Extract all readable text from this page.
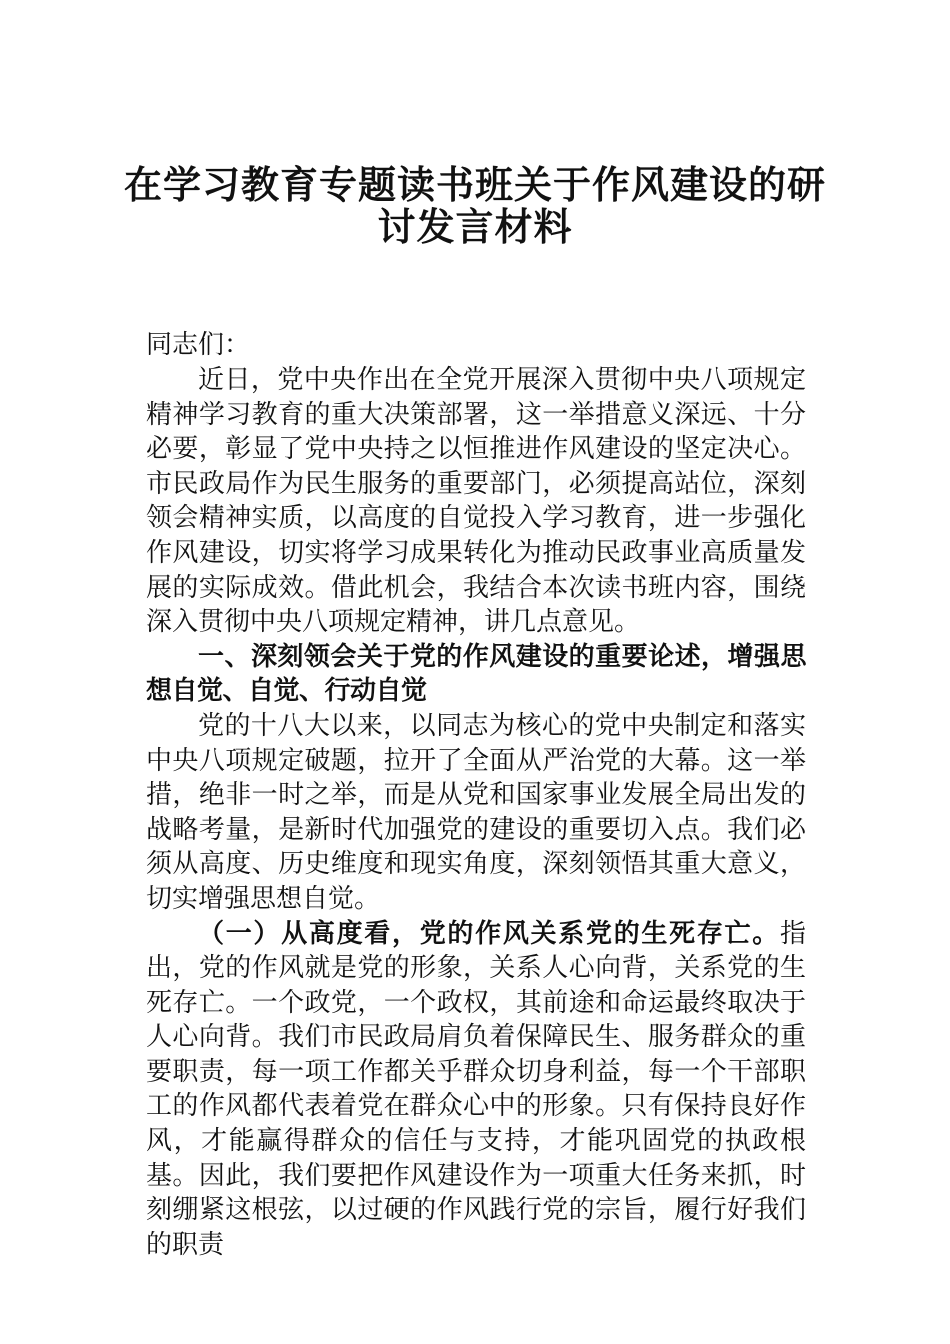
在学习教育专题读书班关于作风建设的研
讨发言材料
同志们：

近日，党中央作出在全党开展深入贯彻中央八项规定精神学习教育的重大决策部署，这一举措意义深远、十分必要，彰显了党中央持之以恒推进作风建设的坚定决心。市民政局作为民生服务的重要部门，必须提高站位，深刻领会精神实质，以高度的自觉投入学习教育，进一步强化作风建设，切实将学习成果转化为推动民政事业高质量发展的实际成效。借此机会，我结合本次读书班内容，围绕深入贯彻中央八项规定精神，讲几点意见。

一、深刻领会关于党的作风建设的重要论述，增强思想自觉、自觉、行动自觉

党的十八大以来，以同志为核心的党中央制定和落实中央八项规定破题，拉开了全面从严治党的大幕。这一举措，绝非一时之举，而是从党和国家事业发展全局出发的战略考量，是新时代加强党的建设的重要切入点。我们必须从高度、历史维度和现实角度，深刻领悟其重大意义，切实增强思想自觉。

（一）从高度看，党的作风关系党的生死存亡。指出，党的作风就是党的形象，关系人心向背，关系党的生死存亡。一个政党，一个政权，其前途和命运最终取决于人心向背。我们市民政局肩负着保障民生、服务群众的重要职责，每一项工作都关乎群众切身利益，每一个干部职工的作风都代表着党在群众心中的形象。只有保持良好作风，才能赢得群众的信任与支持，才能巩固党的执政根基。因此，我们要把作风建设作为一项重大任务来抓，时刻绷紧这根弦，以过硬的作风践行党的宗旨，履行好我们的职责
